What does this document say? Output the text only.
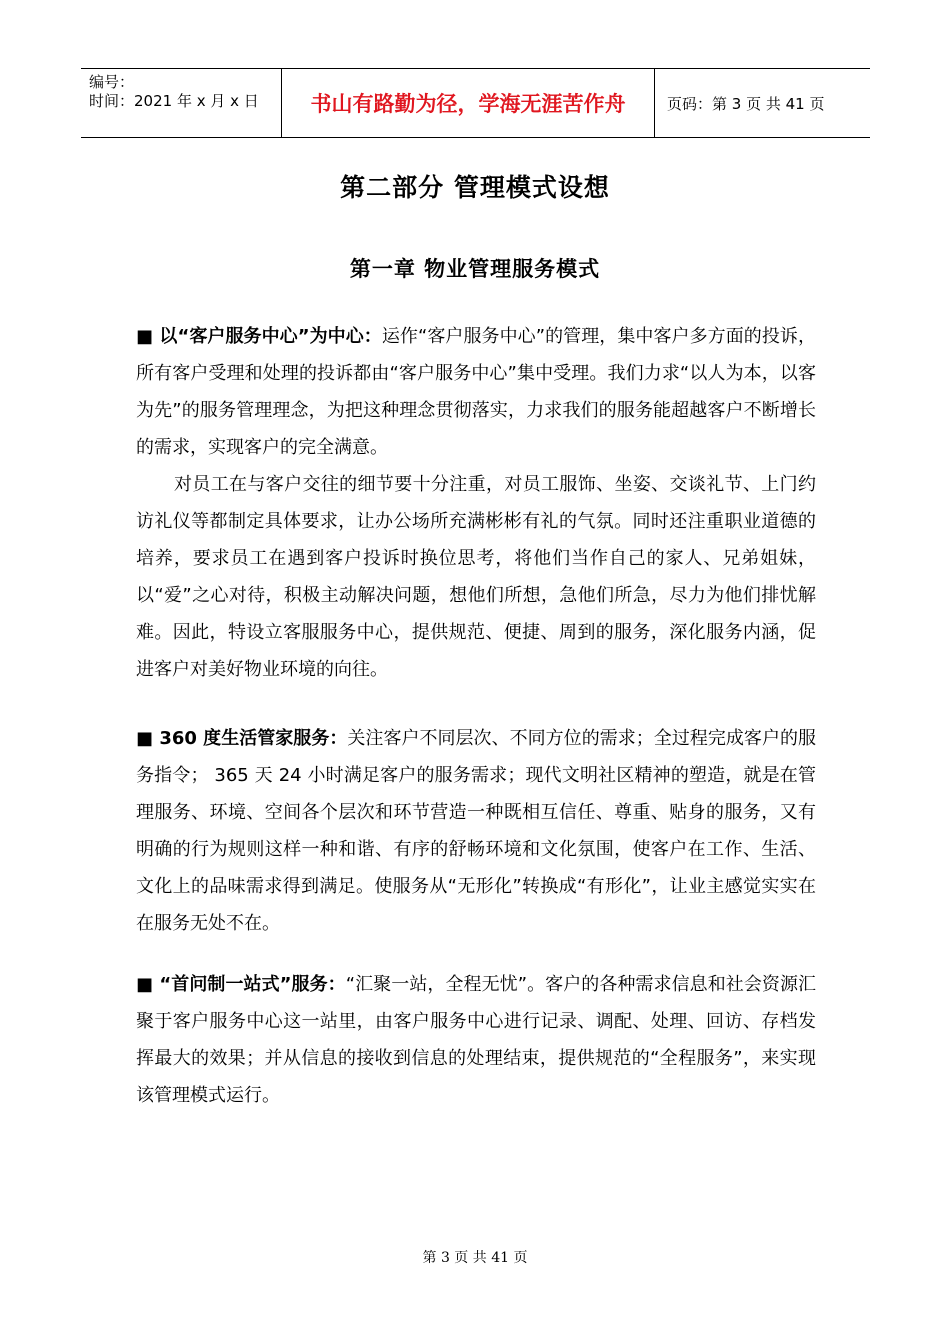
编号：
时间：2021 年 x 月 x 日	书山有路勤为径，学海无涯苦作舟	页码：第 3 页 共 41 页
第二部分 管理模式设想
第一章 物业管理服务模式
■ 以“客户服务中心”为中心：运作“客户服务中心”的管理，集中客户多方面的投诉，所有客户受理和处理的投诉都由“客户服务中心”集中受理。我们力求“以人为本，以客为先”的服务管理理念，为把这种理念贯彻落实，力求我们的服务能超越客户不断增长的需求，实现客户的完全满意。
对员工在与客户交往的细节要十分注重，对员工服饰、坐姿、交谈礼节、上门约访礼仪等都制定具体要求，让办公场所充满彬彬有礼的气氛。同时还注重职业道德的培养，要求员工在遇到客户投诉时换位思考，将他们当作自己的家人、兄弟姐妹，以“爱”之心对待，积极主动解决问题，想他们所想，急他们所急，尽力为他们排忧解难。因此，特设立客服服务中心，提供规范、便捷、周到的服务，深化服务内涵，促进客户对美好物业环境的向往。
■ 360 度生活管家服务：关注客户不同层次、不同方位的需求；全过程完成客户的服务指令； 365 天 24 小时满足客户的服务需求；现代文明社区精神的塑造，就是在管理服务、环境、空间各个层次和环节营造一种既相互信任、尊重、贴身的服务，又有明确的行为规则这样一种和谐、有序的舒畅环境和文化氛围，使客户在工作、生活、文化上的品味需求得到满足。使服务从“无形化”转换成“有形化”，让业主感觉实实在在服务无处不在。
■ “首问制一站式”服务：“汇聚一站，全程无忧”。客户的各种需求信息和社会资源汇聚于客户服务中心这一站里，由客户服务中心进行记录、调配、处理、回访、存档发挥最大的效果；并从信息的接收到信息的处理结束，提供规范的“全程服务”，来实现该管理模式运行。
第 3 页 共 41 页
